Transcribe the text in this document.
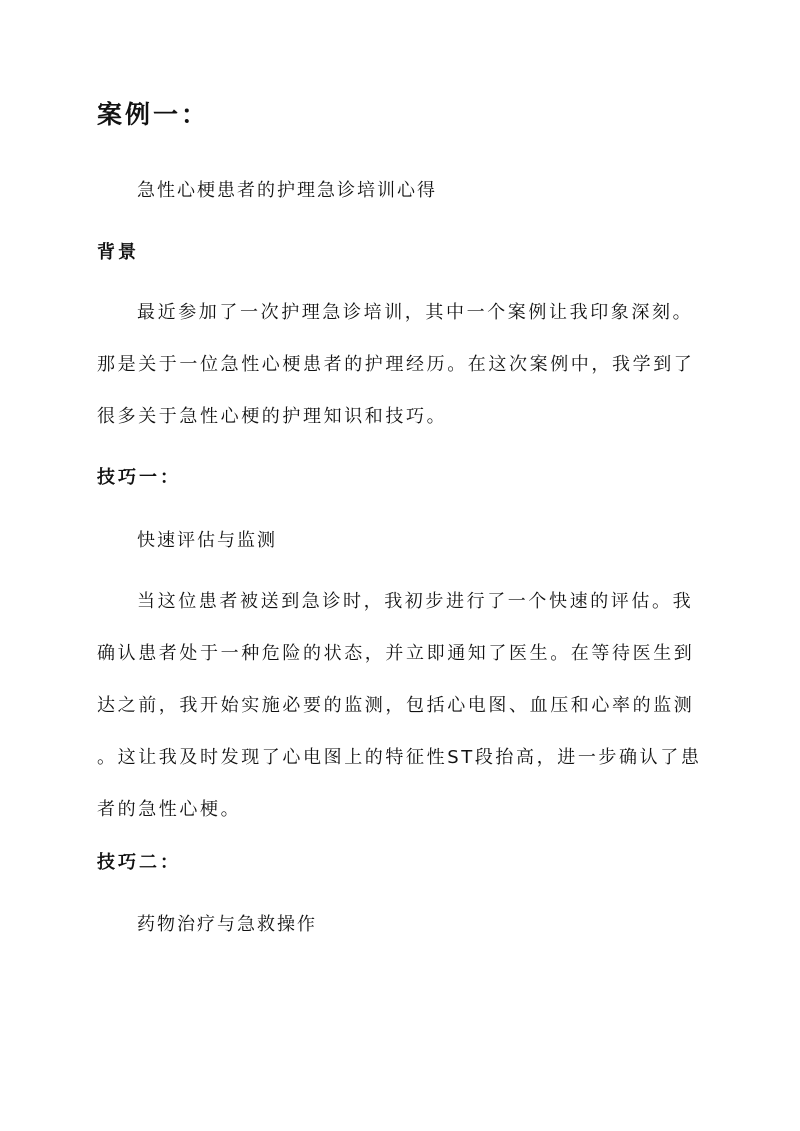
案例一：
急性心梗患者的护理急诊培训心得
背景
最近参加了一次护理急诊培训，其中一个案例让我印象深刻。
那是关于一位急性心梗患者的护理经历。在这次案例中，我学到了
很多关于急性心梗的护理知识和技巧。
技巧一：
快速评估与监测
当这位患者被送到急诊时，我初步进行了一个快速的评估。我
确认患者处于一种危险的状态，并立即通知了医生。在等待医生到
达之前，我开始实施必要的监测，包括心电图、血压和心率的监测
。这让我及时发现了心电图上的特征性ST段抬高，进一步确认了患
者的急性心梗。
技巧二：
药物治疗与急救操作
